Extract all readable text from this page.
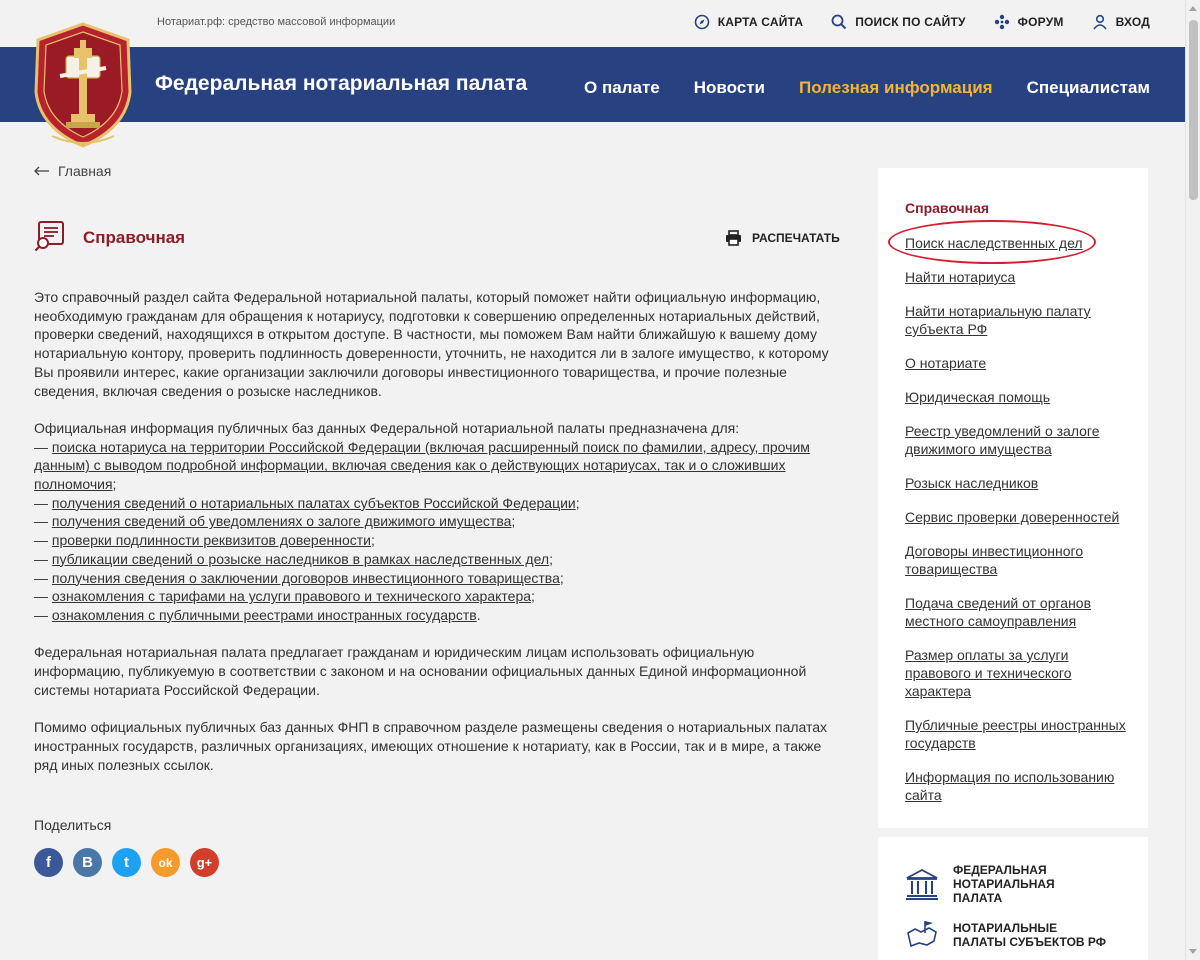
Нотариат.рф: средство массовой информации	КАРТА САЙТА	ПОИСК ПО САЙТУ	ФОРУМ	ВХОД
Федеральная нотариальная палата	О палате Новости Полезная информация Специалистам
Главная
Справочная	РАСПЕЧАТАТЬ

Это справочный раздел сайта Федеральной нотариальной палаты, который поможет найти официальную информацию, необходимую гражданам для обращения к нотариусу, подготовки к совершению определенных нотариальных действий, проверки сведений, находящихся в открытом доступе. В частности, мы поможем Вам найти ближайшую к вашему дому нотариальную контору, проверить подлинность доверенности, уточнить, не находится ли в залоге имущество, к которому Вы проявили интерес, какие организации заключили договоры инвестиционного товарищества, и прочие полезные сведения, включая сведения о розыске наследников.

Официальная информация публичных баз данных Федеральной нотариальной палаты предназначена для:
— поиска нотариуса на территории Российской Федерации (включая расширенный поиск по фамилии, адресу, прочим данным) с выводом подробной информации, включая сведения как о действующих нотариусах, так и о сложивших полномочия;
— получения сведений о нотариальных палатах субъектов Российской Федерации;
— получения сведений об уведомлениях о залоге движимого имущества;
— проверки подлинности реквизитов доверенности;
— публикации сведений о розыске наследников в рамках наследственных дел;
— получения сведения о заключении договоров инвестиционного товарищества;
— ознакомления с тарифами на услуги правового и технического характера;
— ознакомления с публичными реестрами иностранных государств.

Федеральная нотариальная палата предлагает гражданам и юридическим лицам использовать официальную информацию, публикуемую в соответствии с законом и на основании официальных данных Единой информационной системы нотариата Российской Федерации.

Помимо официальных публичных баз данных ФНП в справочном разделе размещены сведения о нотариальных палатах иностранных государств, различных организациях, имеющих отношение к нотариату, как в России, так и в мире, а также ряд иных полезных ссылок.

Поделиться
f	B	t	ok	g+
Справочная
Поиск наследственных дел
Найти нотариуса
Найти нотариальную палату субъекта РФ
О нотариате
Юридическая помощь
Реестр уведомлений о залоге движимого имущества
Розыск наследников
Сервис проверки доверенностей
Договоры инвестиционного товарищества
Подача сведений от органов местного самоуправления
Размер оплаты за услуги правового и технического характера
Публичные реестры иностранных государств
Информация по использованию сайта
ФЕДЕРАЛЬНАЯ НОТАРИАЛЬНАЯ ПАЛАТА
НОТАРИАЛЬНЫЕ ПАЛАТЫ СУБЪЕКТОВ РФ
